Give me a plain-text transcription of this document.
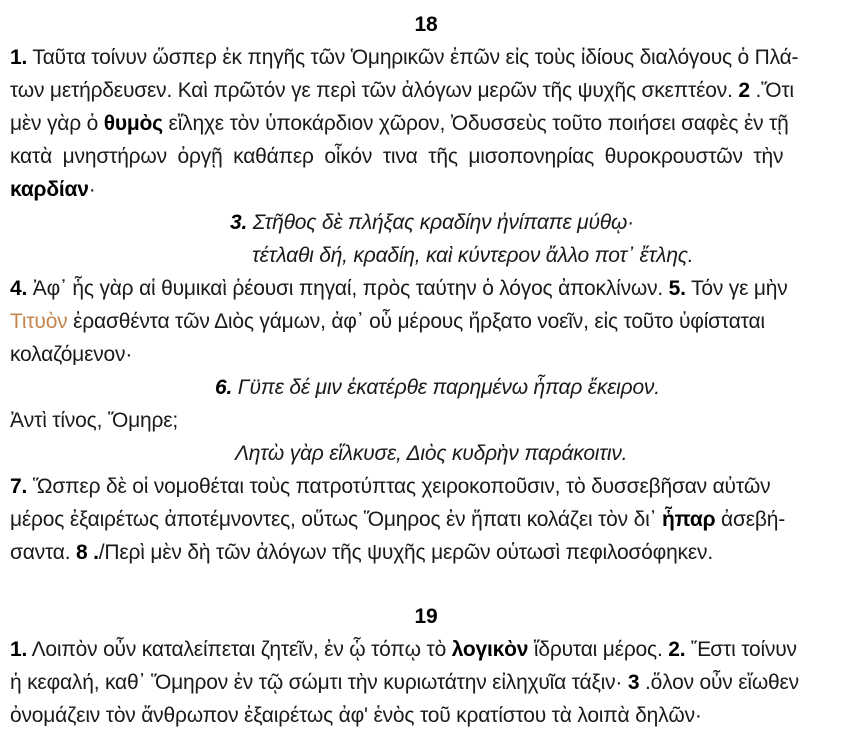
18
1. Ταῦτα τοίνυν ὥσπερ ἐκ πηγῆς τῶν Ὁμηρικῶν ἐπῶν εἰς τοὺς ἰδίους διαλόγους ὁ Πλά-
των μετήρδευσεν. Καὶ πρῶτόν γε περὶ τῶν ἀλόγων μερῶν τῆς ψυχῆς σκεπτέον. 2 .Ὅτι
μὲν γὰρ ὁ θυμὸς εἴληχε τὸν ὑποκάρδιον χῶρον, Ὀδυσσεὺς τοῦτο ποιήσει σαφὲς ἐν τῇ
κατὰ μνηστήρων ὀργῇ καθάπερ οἶκόν τινα τῆς μισοπονηρίας θυροκρουστῶν τὴν
καρδίαν·
3. Στῆθος δὲ πλήξας κραδίην ἠνίπαπε μύθῳ·
τέτλαθι δή, κραδίη, καὶ κύντερον ἄλλο ποτ᾽ ἔτλης.
4. Ἀφ᾽ ἧς γὰρ αἱ θυμικαὶ ῥέουσι πηγαί, πρὸς ταύτην ὁ λόγος ἀποκλίνων. 5. Τόν γε μὴν
Τιτυὸν ἐρασθέντα τῶν Διὸς γάμων, ἀφ᾽ οὗ μέρους ἤρξατο νοεῖν, εἰς τοῦτο ὑφίσταται
κολαζόμενον·
6. Γϋπε δέ μιν ἑκατέρθε παρημένω ἧπαρ ἔκειρον.
Ἀντὶ τίνος, Ὅμηρε;
Λητὼ γὰρ εἵλκυσε, Διὸς κυδρὴν παράκοιτιν.
7. Ὥσπερ δὲ οἱ νομοθέται τοὺς πατροτύπτας χειροκοποῦσιν, τὸ δυσσεβῆσαν αὐτῶν
μέρος ἐξαιρέτως ἀποτέμνοντες, οὕτως Ὅμηρος ἐν ἥπατι κολάζει τὸν δι᾽ ἧπαρ ἀσεβή-
σαντα. 8 ./Περὶ μὲν δὴ τῶν ἀλόγων τῆς ψυχῆς μερῶν οὑτωσὶ πεφιλοσόφηκεν.
19
1. Λοιπὸν οὖν καταλείπεται ζητεῖν, ἐν ᾧ τόπῳ τὸ λογικὸν ἵδρυται μέρος. 2. Ἔστι τοίνυν
ἡ κεφαλή, καθ᾽ Ὅμηρον ἐν τῷ σώμτι τὴν κυριωτάτην εἰληχυῖα τάξιν· 3 .ὅλον οὖν εἴωθεν
ὀνομάζειν τὸν ἄνθρωπον ἐξαιρέτως ἀφ' ἑνὸς τοῦ κρατίστου τὰ λοιπὰ δηλῶν·
